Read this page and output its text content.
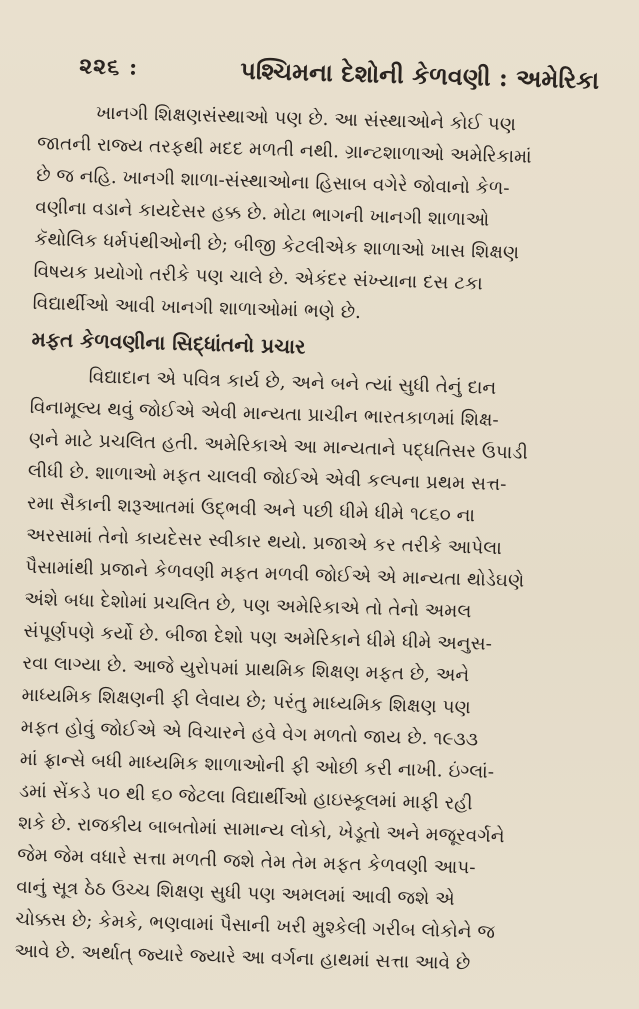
૨૨૬ :	પશ્ચિમના દેશોની કેળવણી : અમેરિકા

ખાનગી શિક્ષણસંસ્થાઓ પણ છે. આ સંસ્થાઓને કોઈ પણ
જાતની રાજ્ય તરફથી મદદ મળતી નથી. ગ્રાન્ટશાળાઓ અમેરિકામાં
છે જ નહિ. ખાનગી શાળા-સંસ્થાઓના હિસાબ વગેરે જોવાનો કેળ-
વણીના વડાને કાયદેસર હક્ક છે. મોટા ભાગની ખાનગી શાળાઓ
કૅથોલિક ધર્મપંથીઓની છે; બીજી કેટલીએક શાળાઓ ખાસ શિક્ષણ
વિષયક પ્રયોગો તરીકે પણ ચાલે છે. એકંદર સંખ્યાના દસ ટકા
વિદ્યાર્થીઓ આવી ખાનગી શાળાઓમાં ભણે છે.

મફત કેળવણીના સિદ્ધાંતનો પ્રચાર

વિદ્યાદાન એ પવિત્ર કાર્ય છે, અને બને ત્યાં સુધી તેનું દાન
વિનામૂલ્ય થવું જોઈએ એવી માન્યતા પ્રાચીન ભારતકાળમાં શિક્ષ-
ણને માટે પ્રચલિત હતી. અમેરિકાએ આ માન્યતાને પદ્ધતિસર ઉપાડી
લીધી છે. શાળાઓ મફત ચાલવી જોઈએ એવી કલ્પના પ્રથમ સત્ત-
રમા સૈકાની શરૂઆતમાં ઉદ્ભવી અને પછી ધીમે ધીમે ૧૮૬૦ ના
અરસામાં તેનો કાયદેસર સ્વીકાર થયો. પ્રજાએ કર તરીકે આપેલા
પૈસામાંથી પ્રજાને કેળવણી મફત મળવી જોઈએ એ માન્યતા થોડેઘણે
અંશે બધા દેશોમાં પ્રચલિત છે, પણ અમેરિકાએ તો તેનો અમલ
સંપૂર્ણપણે કર્યો છે. બીજા દેશો પણ અમેરિકાને ધીમે ધીમે અનુસ-
રવા લાગ્યા છે. આજે યુરોપમાં પ્રાથમિક શિક્ષણ મફત છે, અને
માધ્યમિક શિક્ષણની ફી લેવાય છે; પરંતુ માધ્યમિક શિક્ષણ પણ
મફત હોવું જોઈએ એ વિચારને હવે વેગ મળતો જાય છે. ૧૯૩૩
માં ફ્રાન્સે બધી માધ્યમિક શાળાઓની ફી ઓછી કરી નાખી. ઇંગ્લાં-
ડમાં સેંકડે ૫૦ થી ૬૦ જેટલા વિદ્યાર્થીઓ હાઇસ્કૂલમાં માફી રહી
શકે છે. રાજકીય બાબતોમાં સામાન્ય લોકો, ખેડૂતો અને મજૂરવર્ગને
જેમ જેમ વધારે સત્તા મળતી જશે તેમ તેમ મફત કેળવણી આપ-
વાનું સૂત્ર ઠેઠ ઉચ્ચ શિક્ષણ સુધી પણ અમલમાં આવી જશે એ
ચોક્કસ છે; કેમકે, ભણવામાં પૈસાની ખરી મુશ્કેલી ગરીબ લોકોને જ
આવે છે. અર્થાત્ જ્યારે જ્યારે આ વર્ગના હાથમાં સત્તા આવે છે
